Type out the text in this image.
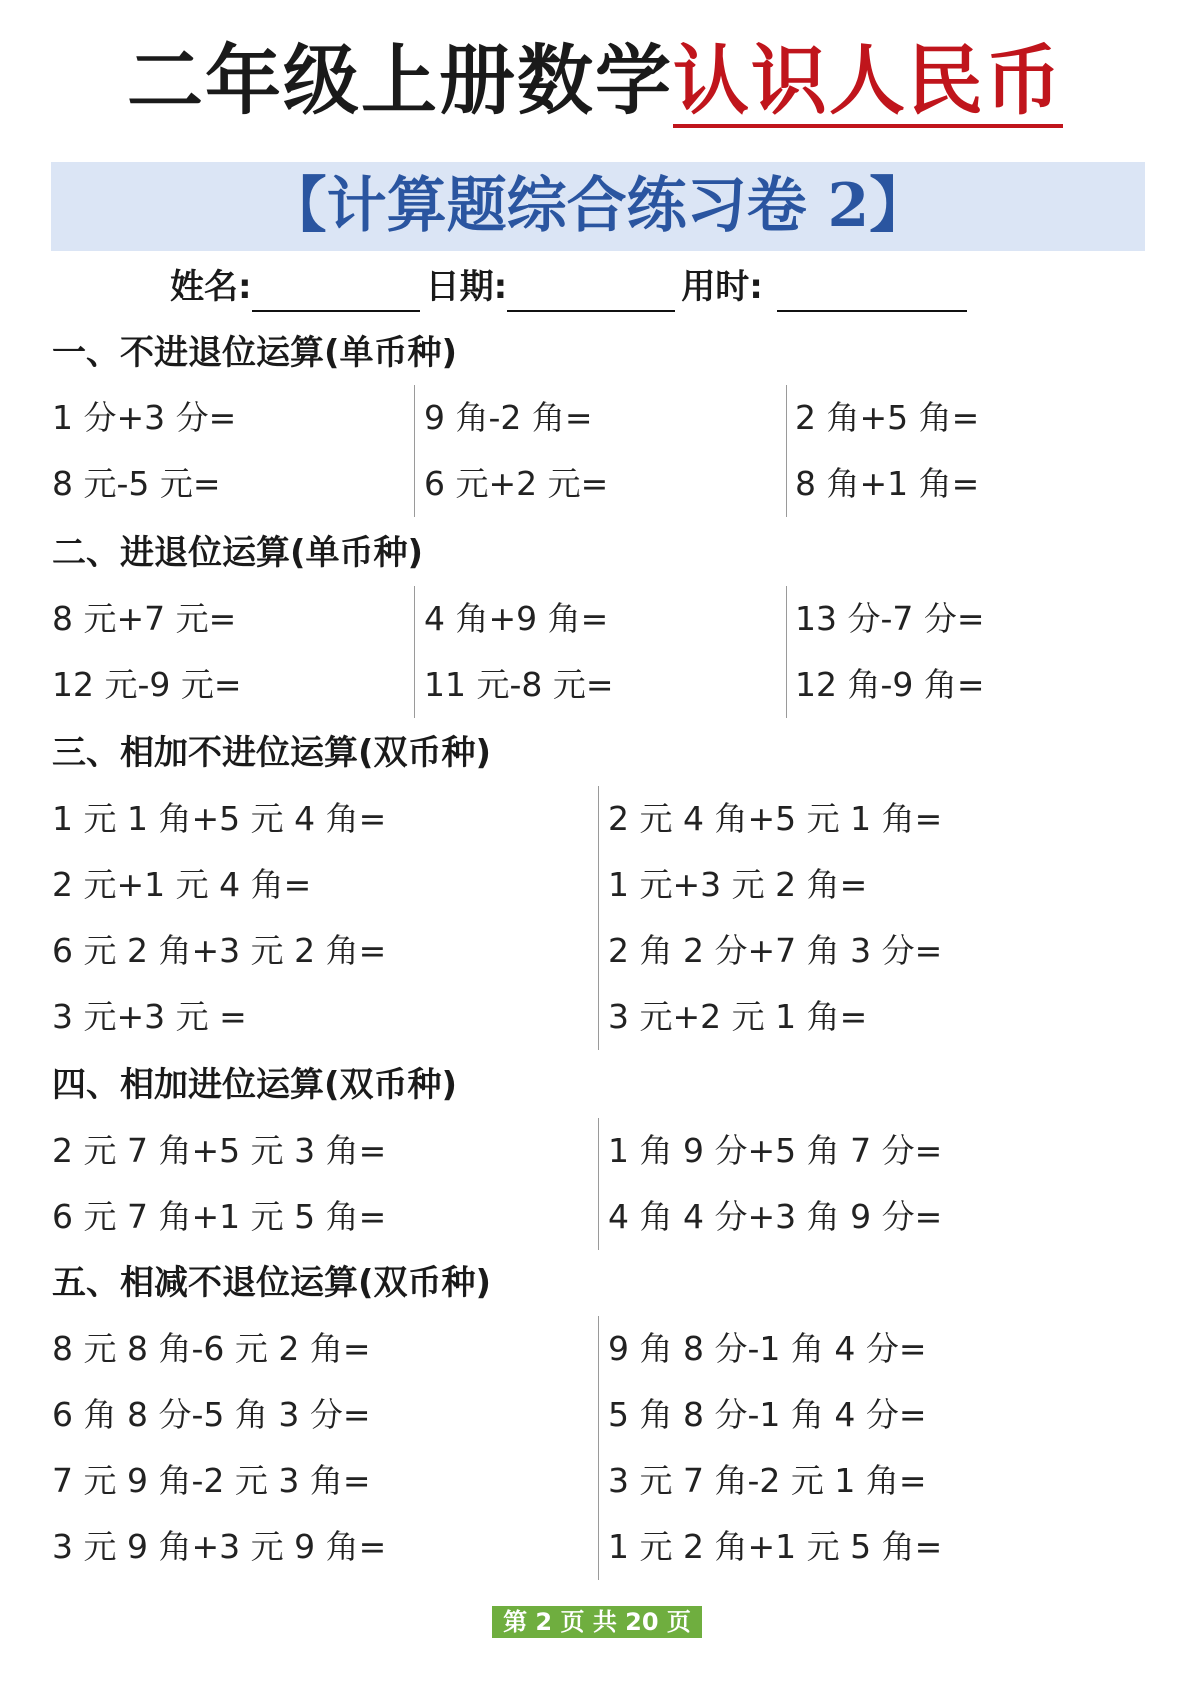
二年级上册数学认识人民币
【计算题综合练习卷 2】
姓名:	日期:	用时:
一、不进退位运算(单币种)
1 分+3 分=	9 角-2 角=	2 角+5 角=
8 元-5 元=	6 元+2 元=	8 角+1 角=
二、进退位运算(单币种)
8 元+7 元=	4 角+9 角=	13 分-7 分=
12 元-9 元=	11 元-8 元=	12 角-9 角=
三、相加不进位运算(双币种)
1 元 1 角+5 元 4 角=	2 元 4 角+5 元 1 角=
2 元+1 元 4 角=	1 元+3 元 2 角=
6 元 2 角+3 元 2 角=	2 角 2 分+7 角 3 分=
3 元+3 元 =	3 元+2 元 1 角=
四、相加进位运算(双币种)
2 元 7 角+5 元 3 角=	1 角 9 分+5 角 7 分=
6 元 7 角+1 元 5 角=	4 角 4 分+3 角 9 分=
五、相减不退位运算(双币种)
8 元 8 角-6 元 2 角=	9 角 8 分-1 角 4 分=
6 角 8 分-5 角 3 分=	5 角 8 分-1 角 4 分=
7 元 9 角-2 元 3 角=	3 元 7 角-2 元 1 角=
3 元 9 角+3 元 9 角=	1 元 2 角+1 元 5 角=
第 2 页 共 20 页
